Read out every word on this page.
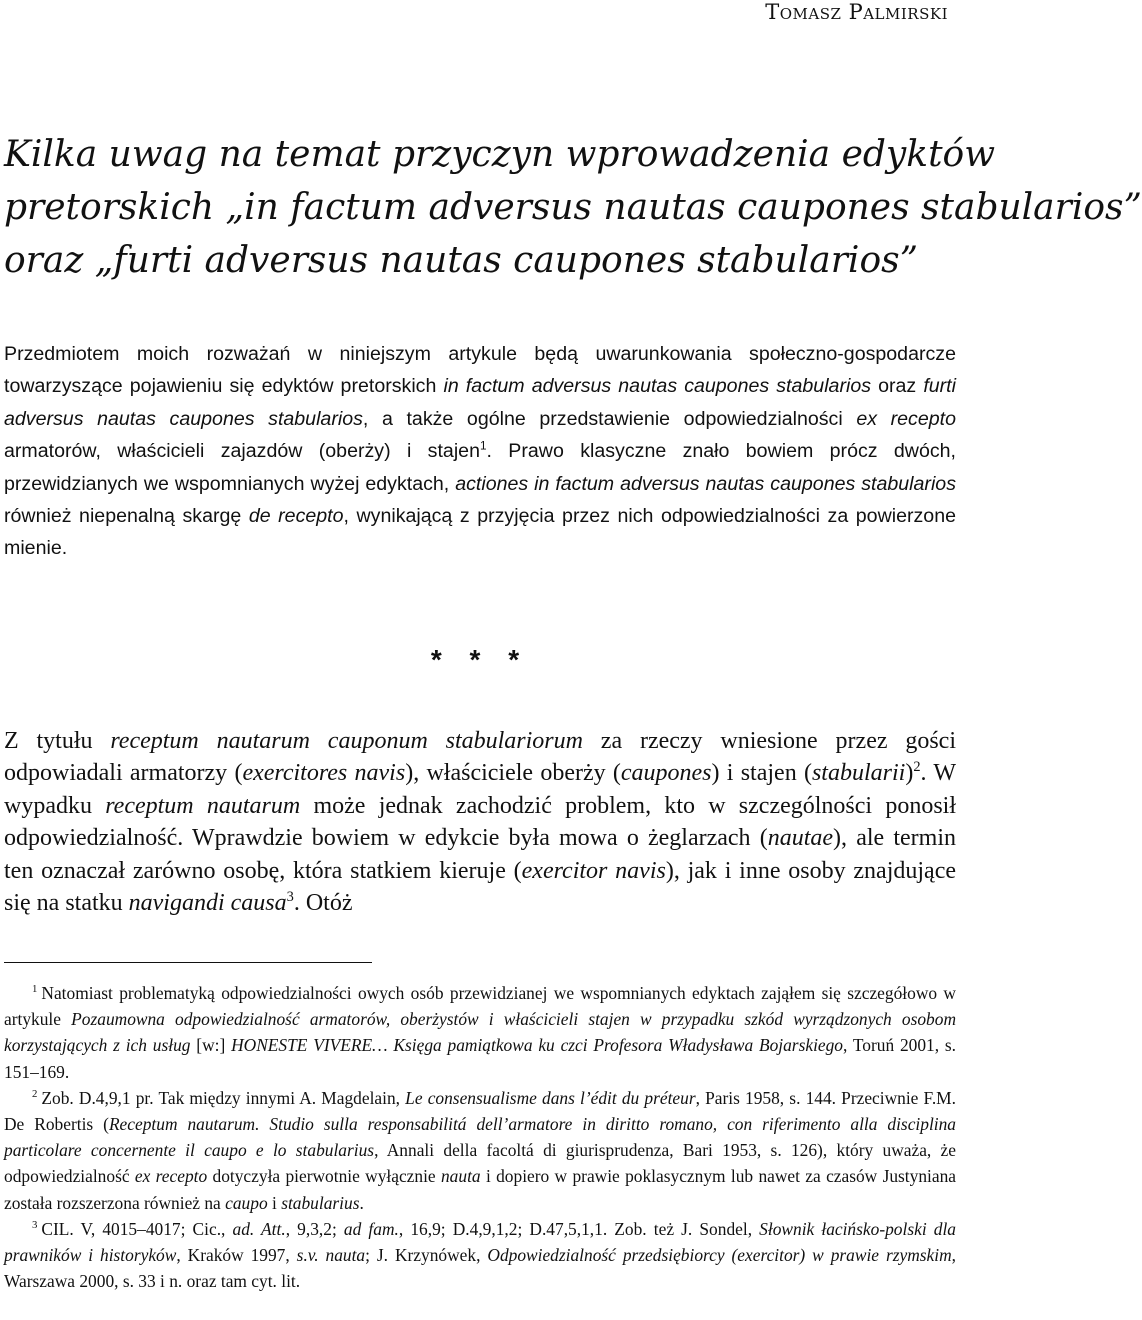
Tomasz Palmirski
Kilka uwag na temat przyczyn wprowadzenia edyktów
pretorskich „in factum adversus nautas caupones stabularios”
oraz „furti adversus nautas caupones stabularios”

Przedmiotem moich rozważań w niniejszym artykule będą uwarunkowania społeczno-gospodarcze towarzyszące pojawieniu się edyktów pretorskich in factum adversus nautas caupones stabularios oraz furti adversus nautas caupones stabularios, a także ogólne przedstawienie odpowiedzialności ex recepto armatorów, właścicieli zajazdów (oberży) i stajen$^1$. Prawo klasyczne znało bowiem prócz dwóch, przewidzianych we wspomnianych wyżej edyktach, actiones in factum adversus nautas caupones stabularios również niepenalną skargę de recepto, wynikającą z przyjęcia przez nich odpowiedzialności za powierzone mienie.

* * *

Z tytułu receptum nautarum cauponum stabulariorum za rzeczy wniesione przez gości odpowiadali armatorzy (exercitores navis), właściciele oberży (caupones) i stajen (stabularii)$^2$. W wypadku receptum nautarum może jednak zachodzić problem, kto w szczególności ponosił odpowiedzialność. Wprawdzie bowiem w edykcie była mowa o żeglarzach (nautae), ale termin ten oznaczał zarówno osobę, która statkiem kieruje (exercitor navis), jak i inne osoby znajdujące się na statku navigandi causa$^3$. Otóż

$^1$ Natomiast problematyką odpowiedzialności owych osób przewidzianej we wspomnianych edyktach zająłem się szczegółowo w artykule Pozaumowna odpowiedzialność armatorów, oberżystów i właścicieli stajen w przypadku szkód wyrządzonych osobom korzystających z ich usług [w:] HONESTE VIVERE… Księga pamiątkowa ku czci Profesora Władysława Bojarskiego, Toruń 2001, s. 151–169.

$^2$ Zob. D.4,9,1 pr. Tak między innymi A. Magdelain, Le consensualisme dans l’édit du préteur, Paris 1958, s. 144. Przeciwnie F.M. De Robertis (Receptum nautarum. Studio sulla responsabilitá dell’armatore in diritto romano, con riferimento alla disciplina particolare concernente il caupo e lo stabularius, Annali della facoltá di giurisprudenza, Bari 1953, s. 126), który uważa, że odpowiedzialność ex recepto dotyczyła pierwotnie wyłącznie nauta i dopiero w prawie poklasycznym lub nawet za czasów Justyniana została rozszerzona również na caupo i stabularius.

$^3$ CIL. V, 4015–4017; Cic., ad. Att., 9,3,2; ad fam., 16,9; D.4,9,1,2; D.47,5,1,1. Zob. też J. Sondel, Słownik łacińsko-polski dla prawników i historyków, Kraków 1997, s.v. nauta; J. Krzynówek, Odpowiedzialność przedsiębiorcy (exercitor) w prawie rzymskim, Warszawa 2000, s. 33 i n. oraz tam cyt. lit.
